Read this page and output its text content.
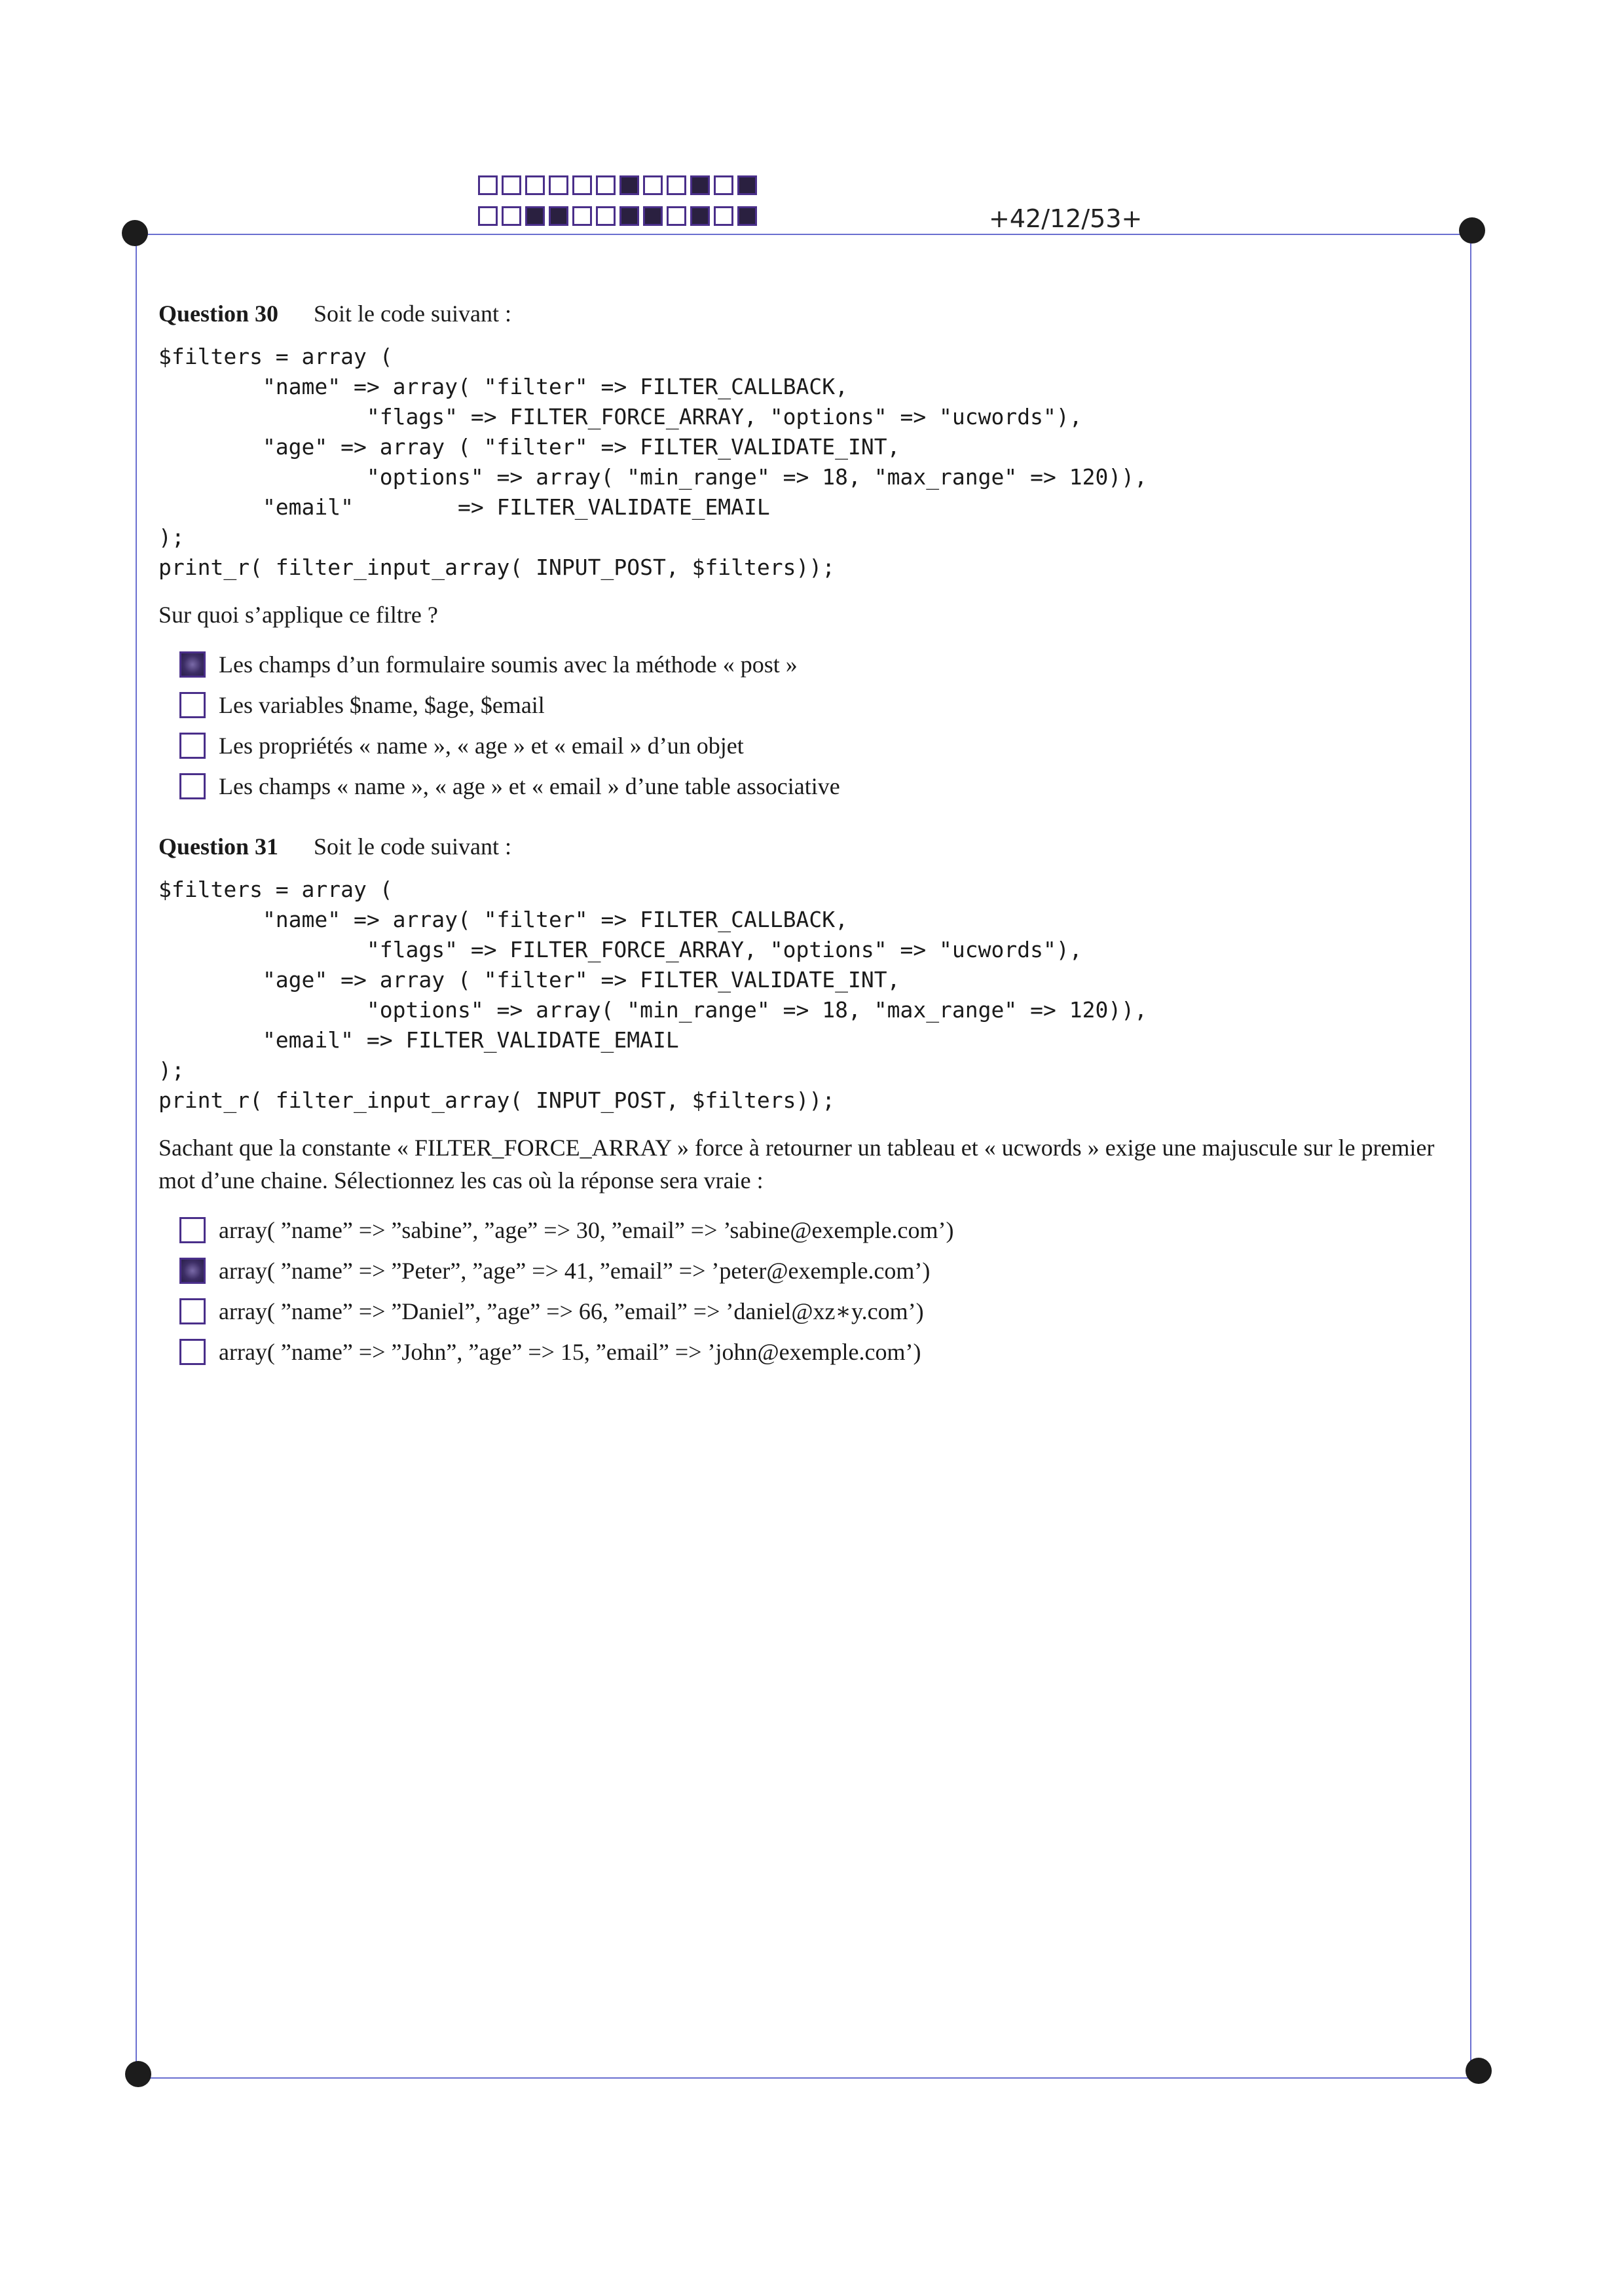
+42/12/53+
Question 30 Soit le code suivant :
$filters = array (
"name" => array( "filter" => FILTER_CALLBACK,
"flags" => FILTER_FORCE_ARRAY, "options" => "ucwords"),
"age" => array ( "filter" => FILTER_VALIDATE_INT,
"options" => array( "min_range" => 18, "max_range" => 120)),
"email"        => FILTER_VALIDATE_EMAIL
);
print_r( filter_input_array( INPUT_POST, $filters));
Sur quoi s’applique ce filtre ?
Les champs d’un formulaire soumis avec la méthode « post »
Les variables $name, $age, $email
Les propriétés « name », « age » et « email » d’un objet
Les champs « name », « age » et « email » d’une table associative
Question 31 Soit le code suivant :
$filters = array (
"name" => array( "filter" => FILTER_CALLBACK,
"flags" => FILTER_FORCE_ARRAY, "options" => "ucwords"),
"age" => array ( "filter" => FILTER_VALIDATE_INT,
"options" => array( "min_range" => 18, "max_range" => 120)),
"email" => FILTER_VALIDATE_EMAIL
);
print_r( filter_input_array( INPUT_POST, $filters));
Sachant que la constante « FILTER_FORCE_ARRAY » force à retourner un tableau et « ucwords » exige une majuscule sur le premier mot d’une chaine. Sélectionnez les cas où la réponse sera vraie :
array( ”name” => ”sabine”, ”age” => 30, ”email” => ’sabine@exemple.com’)
array( ”name” => ”Peter”, ”age” => 41, ”email” => ’peter@exemple.com’)
array( ”name” => ”Daniel”, ”age” => 66, ”email” => ’daniel@xz∗y.com’)
array( ”name” => ”John”, ”age” => 15, ”email” => ’john@exemple.com’)
